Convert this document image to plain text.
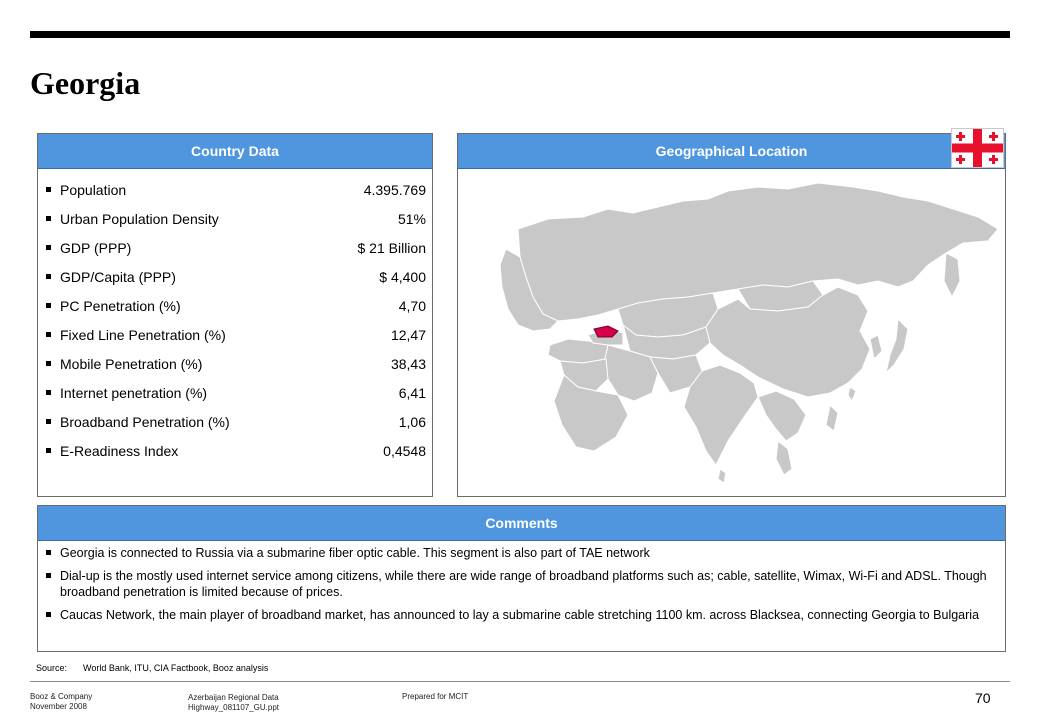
Georgia
Country Data
Population	4.395.769
Urban Population Density	51%
GDP (PPP)	$ 21 Billion
GDP/Capita (PPP)	$ 4,400
PC Penetration (%)	4,70
Fixed Line Penetration (%)	12,47
Mobile Penetration (%)	38,43
Internet penetration (%)	6,41
Broadband Penetration (%)	1,06
E-Readiness Index	0,4548
Geographical Location
Comments
Georgia is connected to Russia via a submarine fiber optic cable. This segment is also part of TAE network
Dial-up is the mostly used internet service among citizens, while there are wide range of broadband platforms such as; cable, satellite, Wimax, Wi-Fi and ADSL. Though broadband penetration is limited because of prices.
Caucas Network, the main player of broadband market, has announced to lay a submarine cable stretching 1100 km. across Blacksea, connecting Georgia to Bulgaria
Source: World Bank, ITU, CIA Factbook, Booz analysis
Booz & Company
November 2008
Azerbaijan Regional Data
Highway_081107_GU.ppt
Prepared for MCIT	70
